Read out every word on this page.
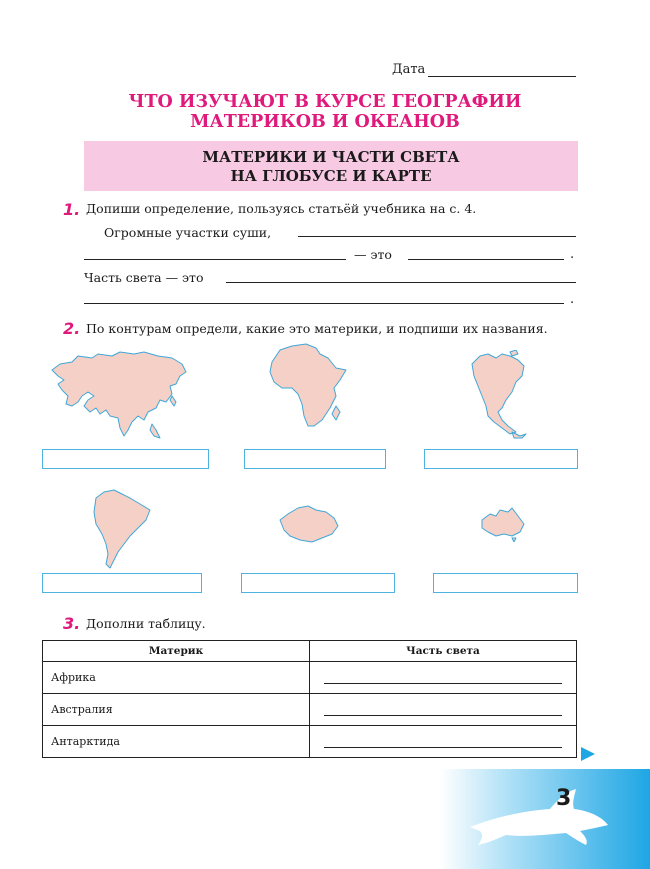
Дата
ЧТО ИЗУЧАЮТ В КУРСЕ ГЕОГРАФИИ
МАТЕРИКОВ И ОКЕАНОВ
МАТЕРИКИ И ЧАСТИ СВЕТА
НА ГЛОБУСЕ И КАРТЕ
1. Допиши определение, пользуясь статьёй учебника на с. 4.
Огромные участки суши,
— это	.
Часть света — это
.
2. По контурам определи, какие это материки, и подпиши их названия.
3. Дополни таблицу.
Материк	Часть света
Африка	

Австралия	

Антарктида	
3
